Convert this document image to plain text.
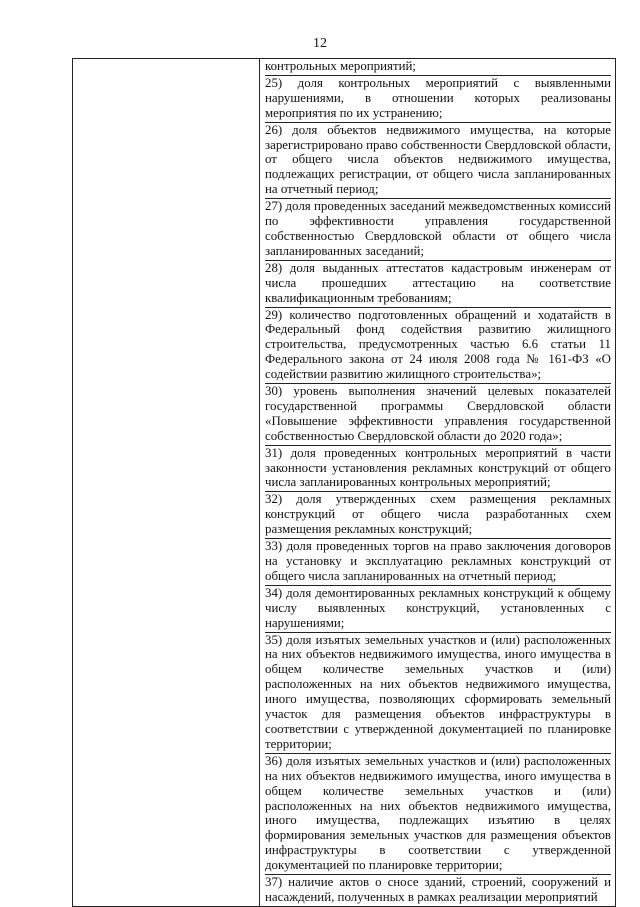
12

контрольных мероприятий;
25) доля контрольных мероприятий с выявленными нарушениями, в отношении которых реализованы мероприятия по их устранению;
26) доля объектов недвижимого имущества, на которые зарегистрировано право собственности Свердловской области, от общего числа объектов недвижимого имущества, подлежащих регистрации, от общего числа запланированных на отчетный период;
27) доля проведенных заседаний межведомственных комиссий по эффективности управления государственной собственностью Свердловской области от общего числа запланированных заседаний;
28) доля выданных аттестатов кадастровым инженерам от числа прошедших аттестацию на соответствие квалификационным требованиям;
29) количество подготовленных обращений и ходатайств в Федеральный фонд содействия развитию жилищного строительства, предусмотренных частью 6.6 статьи 11 Федерального закона от 24 июля 2008 года № 161-ФЗ «О содействии развитию жилищного строительства»;
30) уровень выполнения значений целевых показателей государственной программы Свердловской области «Повышение эффективности управления государственной собственностью Свердловской области до 2020 года»;
31) доля проведенных контрольных мероприятий в части законности установления рекламных конструкций от общего числа запланированных контрольных мероприятий;
32) доля утвержденных схем размещения рекламных конструкций от общего числа разработанных схем размещения рекламных конструкций;
33) доля проведенных торгов на право заключения договоров на установку и эксплуатацию рекламных конструкций от общего числа запланированных на отчетный период;
34) доля демонтированных рекламных конструкций к общему числу выявленных конструкций, установленных с нарушениями;
35) доля изъятых земельных участков и (или) расположенных на них объектов недвижимого имущества, иного имущества в общем количестве земельных участков и (или) расположенных на них объектов недвижимого имущества, иного имущества, позволяющих сформировать земельный участок для размещения объектов инфраструктуры в соответствии с утвержденной документацией по планировке территории;
36) доля изъятых земельных участков и (или) расположенных на них объектов недвижимого имущества, иного имущества в общем количестве земельных участков и (или) расположенных на них объектов недвижимого имущества, иного имущества, подлежащих изъятию в целях формирования земельных участков для размещения объектов инфраструктуры в соответствии с утвержденной документацией по планировке территории;
37) наличие актов о сносе зданий, строений, сооружений и насаждений, полученных в рамках реализации мероприятий
